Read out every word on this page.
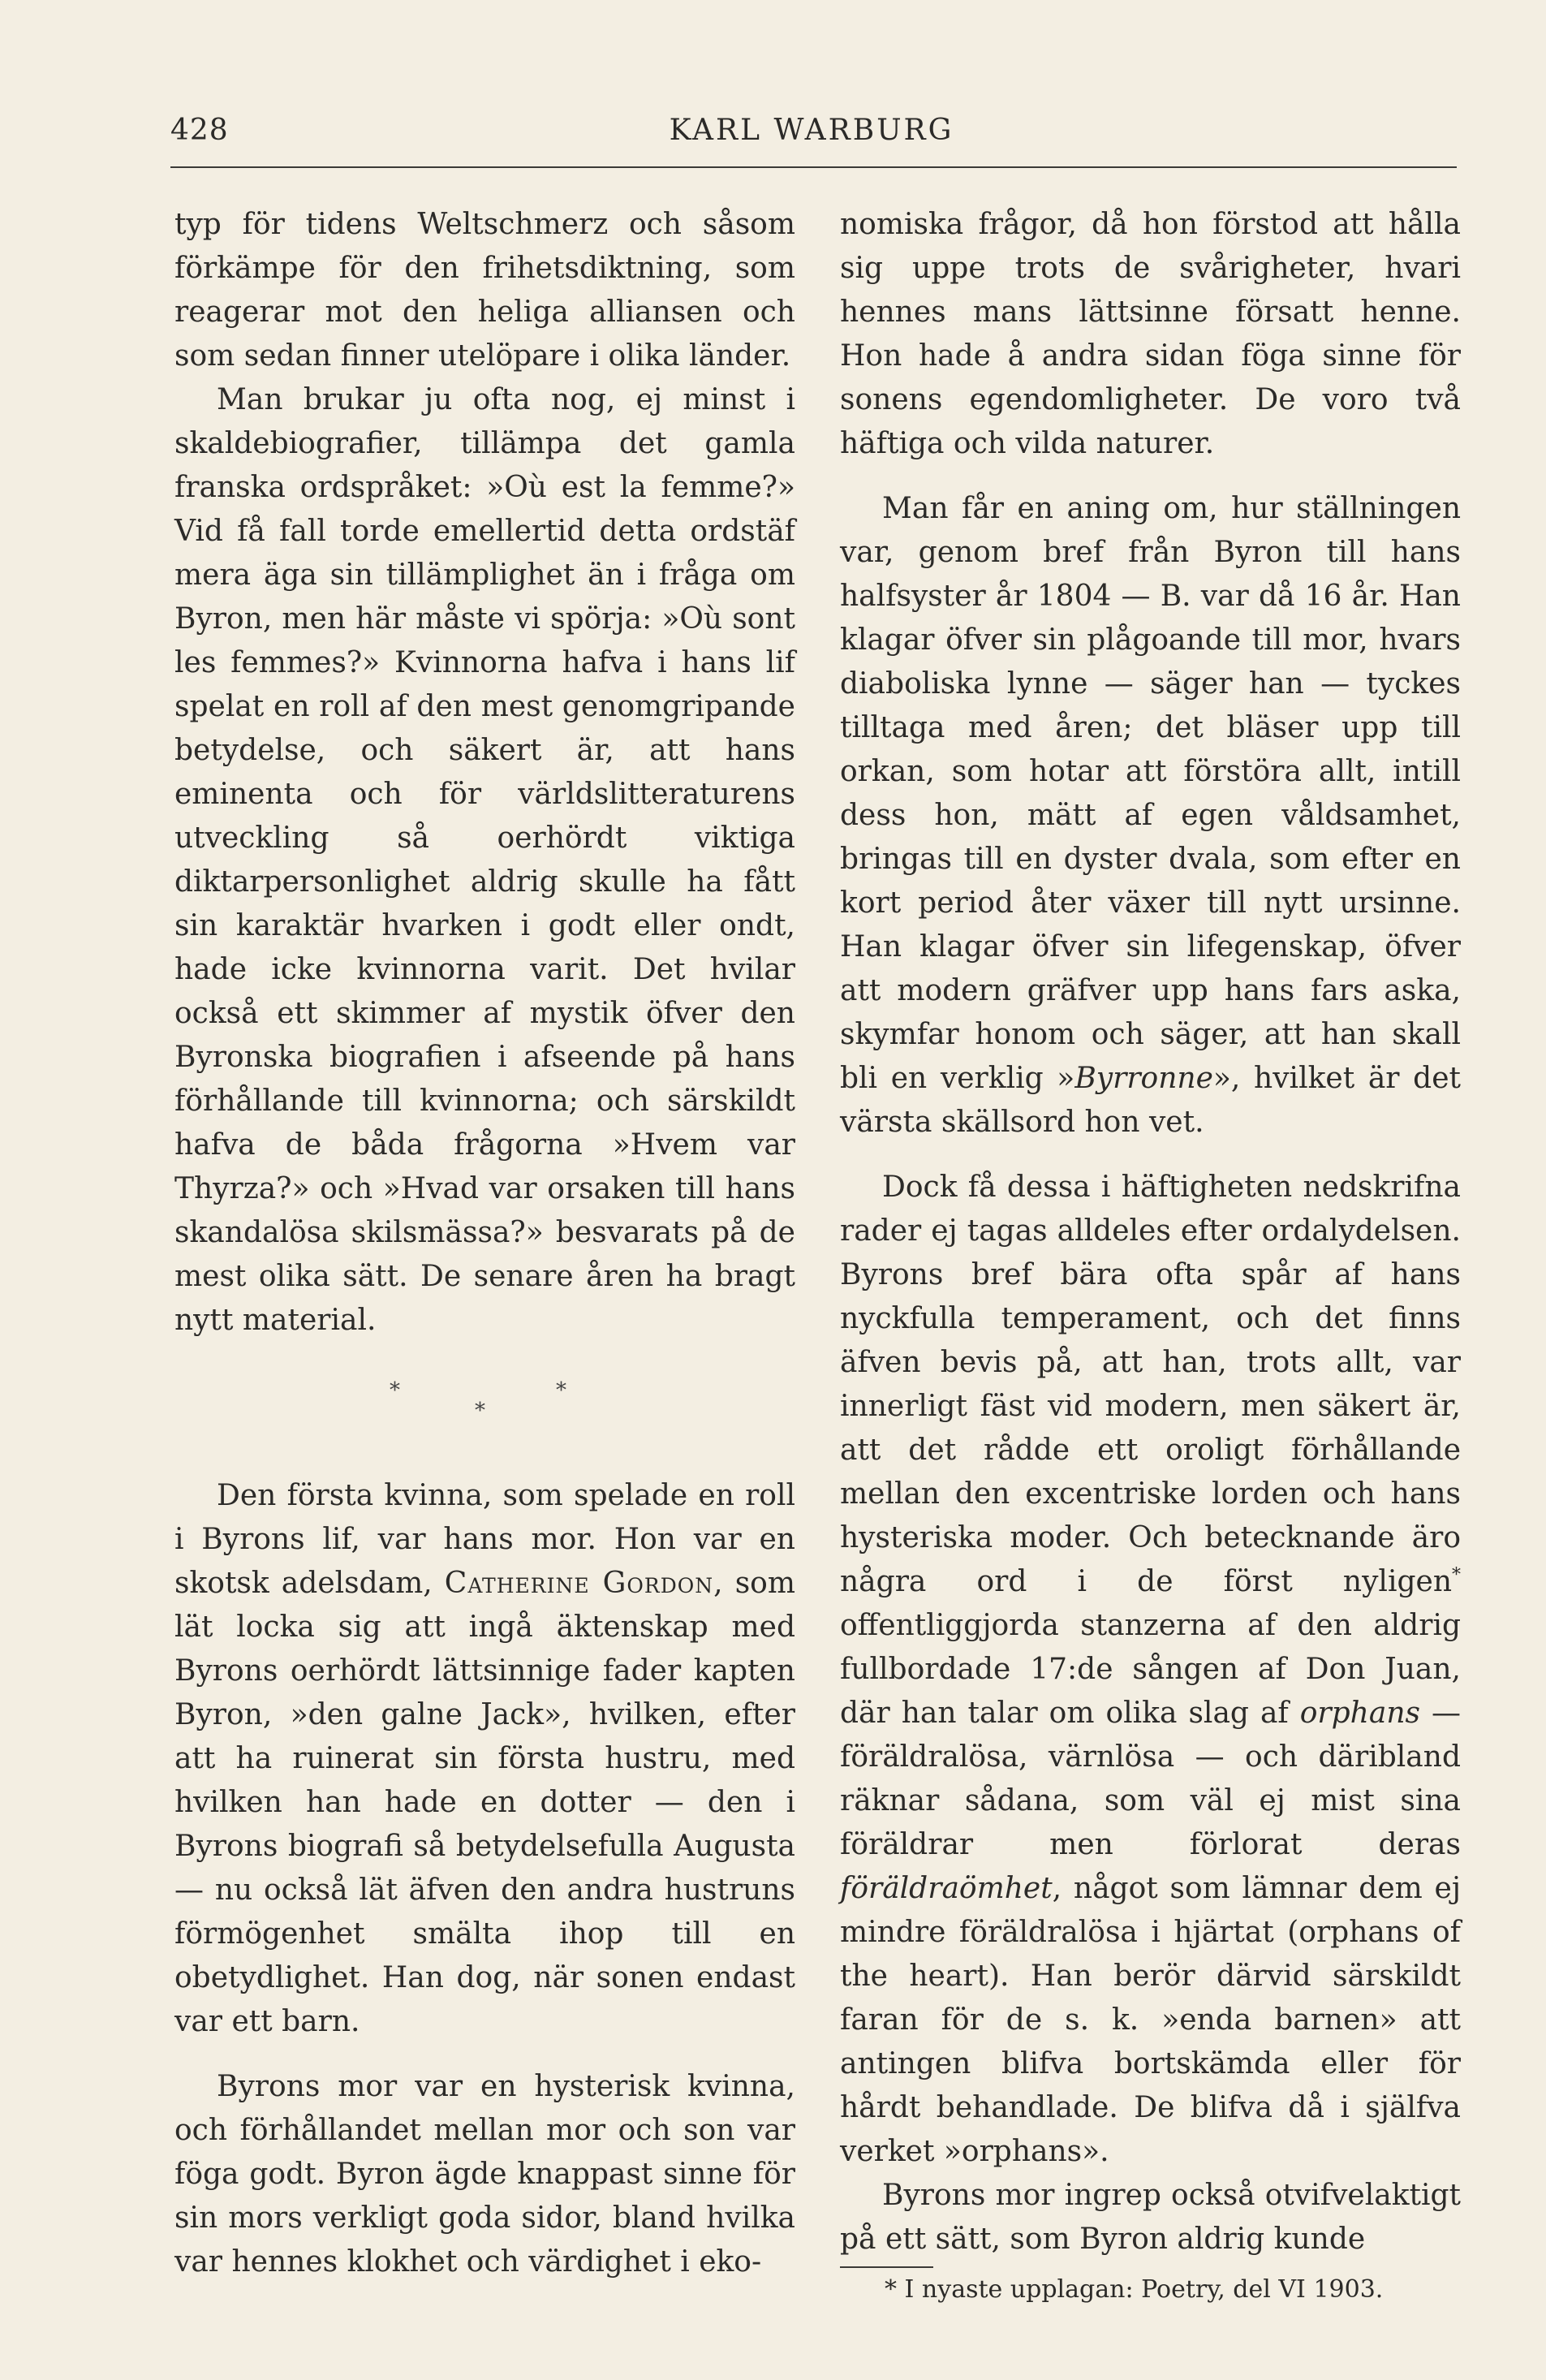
428	KARL WARBURG

typ för tidens Weltschmerz och såsom förkämpe för den frihetsdiktning, som reagerar mot den heliga alliansen och som sedan finner utelöpare i olika länder.

Man brukar ju ofta nog, ej minst i skaldebiografier, tillämpa det gamla franska ordspråket: »Où est la femme?» Vid få fall torde emellertid detta ordstäf mera äga sin tillämplighet än i fråga om Byron, men här måste vi spörja: »Où sont les femmes?» Kvinnorna hafva i hans lif spelat en roll af den mest genomgripande betydelse, och säkert är, att hans eminenta och för världslitteraturens utveckling så oerhördt viktiga diktarpersonlighet aldrig skulle ha fått sin karaktär hvarken i godt eller ondt, hade icke kvinnorna varit. Det hvilar också ett skimmer af mystik öfver den Byronska biografien i afseende på hans förhållande till kvinnorna; och särskildt hafva de båda frågorna »Hvem var Thyrza?» och »Hvad var orsaken till hans skandalösa skilsmässa?» besvarats på de mest olika sätt. De senare åren ha bragt nytt material.

*
*
*

Den första kvinna, som spelade en roll i Byrons lif, var hans mor. Hon var en skotsk adelsdam, Catherine Gordon, som lät locka sig att ingå äktenskap med Byrons oerhördt lättsinnige fader kapten Byron, »den galne Jack», hvilken, efter att ha ruinerat sin första hustru, med hvilken han hade en dotter — den i Byrons biografi så betydelsefulla Augusta — nu också lät äfven den andra hustruns förmögenhet smälta ihop till en obetydlighet. Han dog, när sonen endast var ett barn.

Byrons mor var en hysterisk kvinna, och förhållandet mellan mor och son var föga godt. Byron ägde knappast sinne för sin mors verkligt goda sidor, bland hvilka var hennes klokhet och värdighet i eko-

nomiska frågor, då hon förstod att hålla sig uppe trots de svårigheter, hvari hennes mans lättsinne försatt henne. Hon hade å andra sidan föga sinne för sonens egendomligheter. De voro två häftiga och vilda naturer.

Man får en aning om, hur ställningen var, genom bref från Byron till hans halfsyster år 1804 — B. var då 16 år. Han klagar öfver sin plågoande till mor, hvars diaboliska lynne — säger han — tyckes tilltaga med åren; det bläser upp till orkan, som hotar att förstöra allt, intill dess hon, mätt af egen våldsamhet, bringas till en dyster dvala, som efter en kort period åter växer till nytt ursinne. Han klagar öfver sin lifegenskap, öfver att modern gräfver upp hans fars aska, skymfar honom och säger, att han skall bli en verklig »Byrronne», hvilket är det värsta skällsord hon vet.

Dock få dessa i häftigheten nedskrifna rader ej tagas alldeles efter ordalydelsen. Byrons bref bära ofta spår af hans nyckfulla temperament, och det finns äfven bevis på, att han, trots allt, var innerligt fäst vid modern, men säkert är, att det rådde ett oroligt förhållande mellan den excentriske lorden och hans hysteriska moder. Och betecknande äro några ord i de först nyligen* offentliggjorda stanzerna af den aldrig fullbordade 17:de sången af Don Juan, där han talar om olika slag af orphans — föräldralösa, värnlösa — och däribland räknar sådana, som väl ej mist sina föräldrar men förlorat deras föräldraömhet, något som lämnar dem ej mindre föräldralösa i hjärtat (orphans of the heart). Han berör därvid särskildt faran för de s. k. »enda barnen» att antingen blifva bortskämda eller för hårdt behandlade. De blifva då i själfva verket »orphans».

Byrons mor ingrep också otvifvelaktigt på ett sätt, som Byron aldrig kunde

* I nyaste upplagan: Poetry, del VI 1903.
